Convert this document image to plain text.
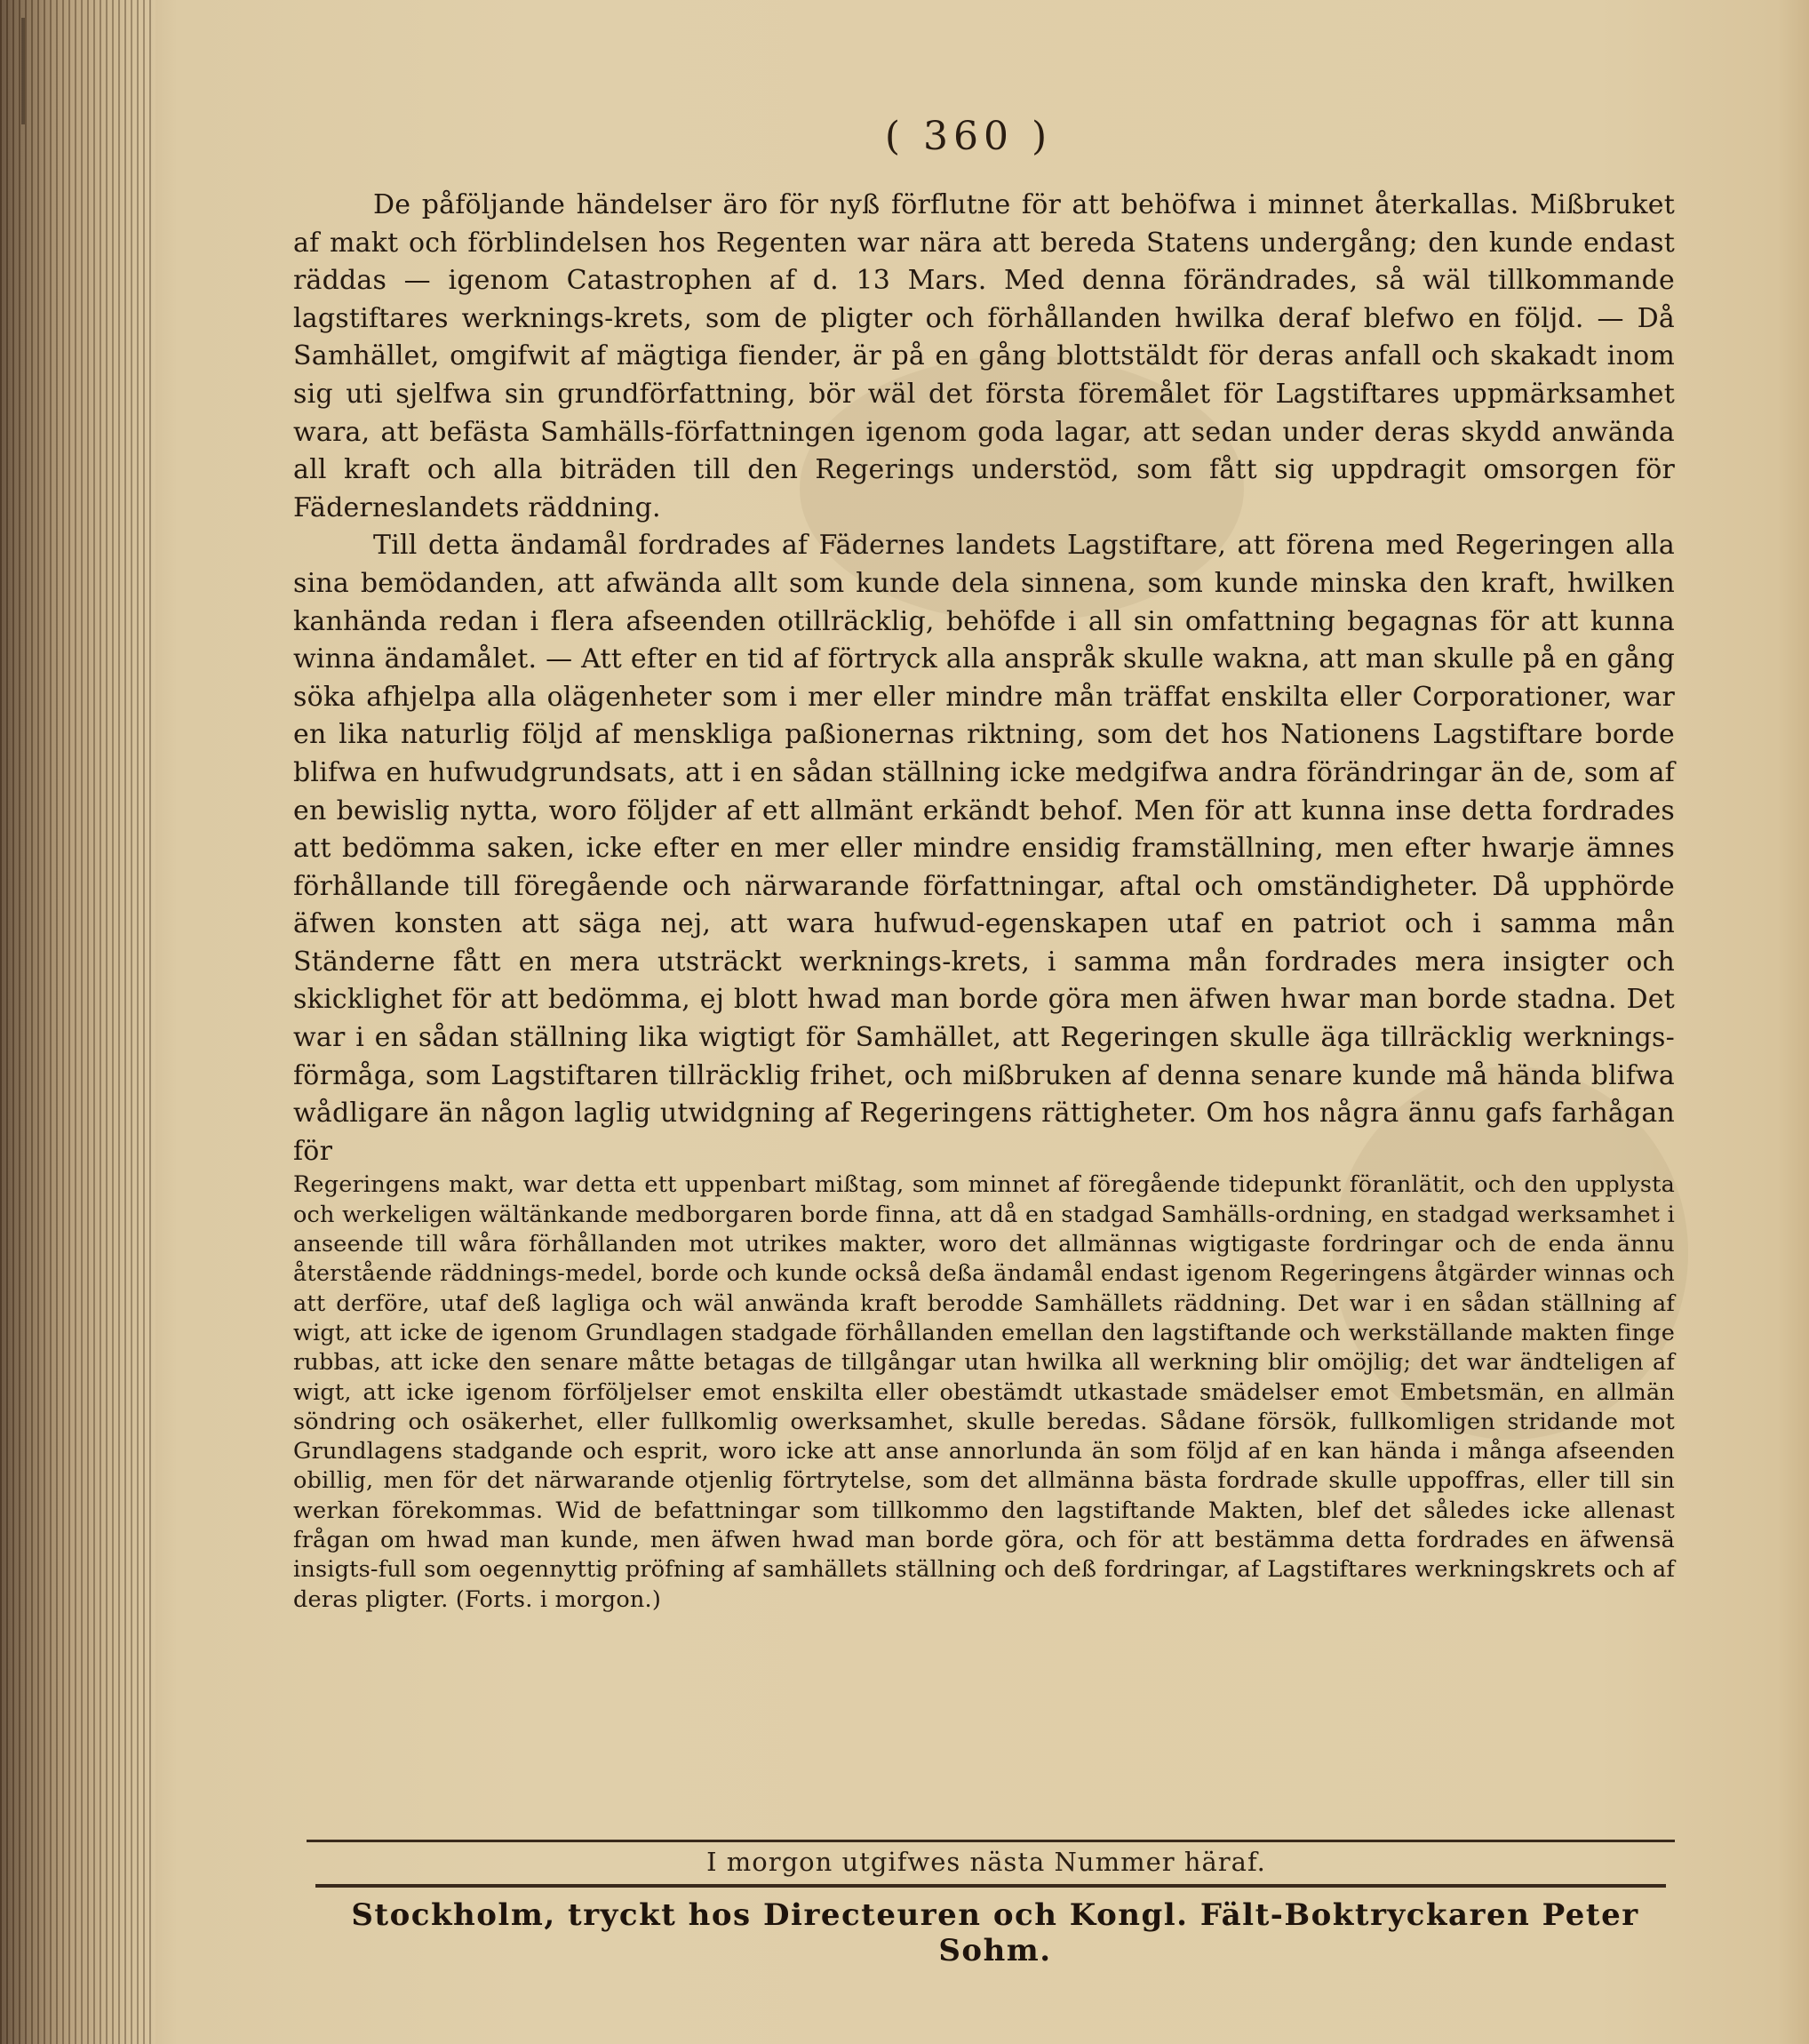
( 360 )

De påföljande händelser äro för nyß förflutne för att behöfwa i minnet återkallas. Mißbruket af makt och förblindelsen hos Regenten war nära att bereda Statens undergång; den kunde endast räddas — igenom Catastrophen af d. 13 Mars. Med denna förändrades, så wäl tillkommande lagstiftares werknings-krets, som de pligter och förhållanden hwilka deraf blefwo en följd. — Då Samhället, omgifwit af mägtiga fiender, är på en gång blottstäldt för deras anfall och skakadt inom sig uti sjelfwa sin grundförfattning, bör wäl det första föremålet för Lagstiftares uppmärksamhet wara, att befästa Samhälls-författningen igenom goda lagar, att sedan under deras skydd anwända all kraft och alla biträden till den Regerings understöd, som fått sig uppdragit omsorgen för Fäderneslandets räddning.

Till detta ändamål fordrades af Fädernes landets Lagstiftare, att förena med Regeringen alla sina bemödanden, att afwända allt som kunde dela sinnena, som kunde minska den kraft, hwilken kanhända redan i flera afseenden otillräcklig, behöfde i all sin omfattning begagnas för att kunna winna ändamålet. — Att efter en tid af förtryck alla anspråk skulle wakna, att man skulle på en gång söka afhjelpa alla olägenheter som i mer eller mindre mån träffat enskilta eller Corporationer, war en lika naturlig följd af menskliga paßionernas riktning, som det hos Nationens Lagstiftare borde blifwa en hufwudgrundsats, att i en sådan ställning icke medgifwa andra förändringar än de, som af en bewislig nytta, woro följder af ett allmänt erkändt behof. Men för att kunna inse detta fordrades att bedömma saken, icke efter en mer eller mindre ensidig framställning, men efter hwarje ämnes förhållande till föregående och närwarande författningar, aftal och omständigheter. Då upphörde äfwen konsten att säga nej, att wara hufwud-egenskapen utaf en patriot och i samma mån Ständerne fått en mera utsträckt werknings-krets, i samma mån fordrades mera insigter och skicklighet för att bedömma, ej blott hwad man borde göra men äfwen hwar man borde stadna. Det war i en sådan ställning lika wigtigt för Samhället, att Regeringen skulle äga tillräcklig werknings-förmåga, som Lagstiftaren tillräcklig frihet, och mißbruken af denna senare kunde må hända blifwa wådligare än någon laglig utwidgning af Regeringens rättigheter. Om hos några ännu gafs farhågan för

Regeringens makt, war detta ett uppenbart mißtag, som minnet af föregående tidepunkt föranlätit, och den upplysta och werkeligen wältänkande medborgaren borde finna, att då en stadgad Samhälls-ordning, en stadgad werksamhet i anseende till wåra förhållanden mot utrikes makter, woro det allmännas wigtigaste fordringar och de enda ännu återstående räddnings-medel, borde och kunde också deßa ändamål endast igenom Regeringens åtgärder winnas och att derföre, utaf deß lagliga och wäl anwända kraft berodde Samhällets räddning. Det war i en sådan ställning af wigt, att icke de igenom Grundlagen stadgade förhållanden emellan den lagstiftande och werkställande makten finge rubbas, att icke den senare måtte betagas de tillgångar utan hwilka all werkning blir omöjlig; det war ändteligen af wigt, att icke igenom förföljelser emot enskilta eller obestämdt utkastade smädelser emot Embetsmän, en allmän söndring och osäkerhet, eller fullkomlig owerksamhet, skulle beredas. Sådane försök, fullkomligen stridande mot Grundlagens stadgande och esprit, woro icke att anse annorlunda än som följd af en kan hända i många afseenden obillig, men för det närwarande otjenlig förtrytelse, som det allmänna bästa fordrade skulle uppoffras, eller till sin werkan förekommas. Wid de befattningar som tillkommo den lagstiftande Makten, blef det således icke allenast frågan om hwad man kunde, men äfwen hwad man borde göra, och för att bestämma detta fordrades en äfwensä insigts-full som oegennyttig pröfning af samhällets ställning och deß fordringar, af Lagstiftares werkningskrets och af deras pligter. (Forts. i morgon.)

I morgon utgifwes nästa Nummer häraf.
Stockholm, tryckt hos Directeuren och Kongl. Fält-Boktryckaren Peter Sohm.
